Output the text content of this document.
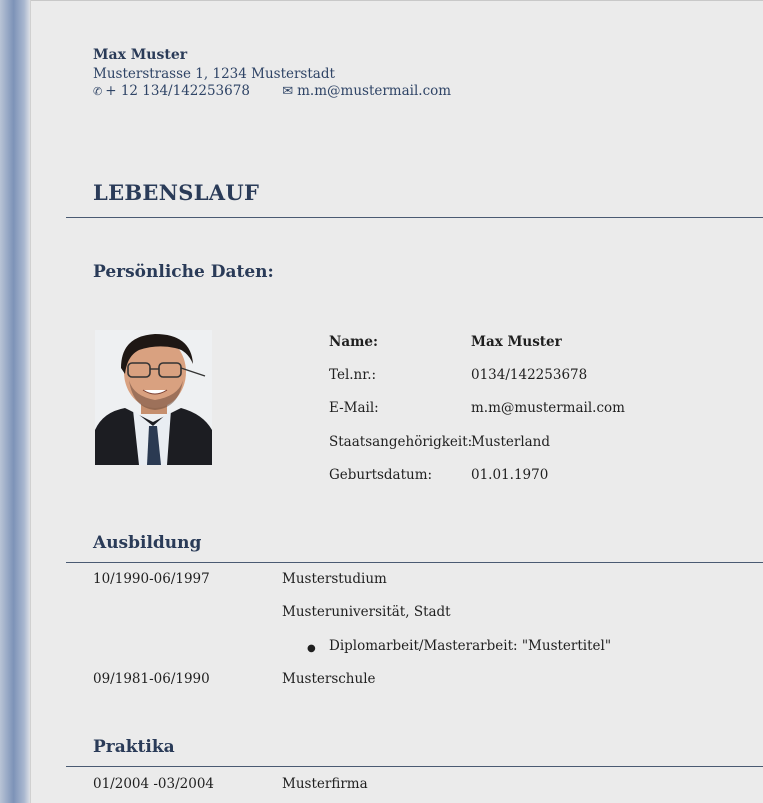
Max Muster
Musterstrasse 1, 1234 Musterstadt
✆ + 12 134/142253678 ✉ m.m@mustermail.com
LEBENSLAUF
Persönliche Daten:
Name:	Max Muster
Tel.nr.:	0134/142253678
E-Mail:	m.m@mustermail.com
Staatsangehörigkeit:
Musterland
Geburtsdatum:	01.01.1970
Ausbildung
10/1990-06/1997	Musterstudium
Musteruniversität, Stadt
● Diplomarbeit/Masterarbeit: "Mustertitel"
09/1981-06/1990	Musterschule
Praktika
01/2004 -03/2004	Musterfirma
